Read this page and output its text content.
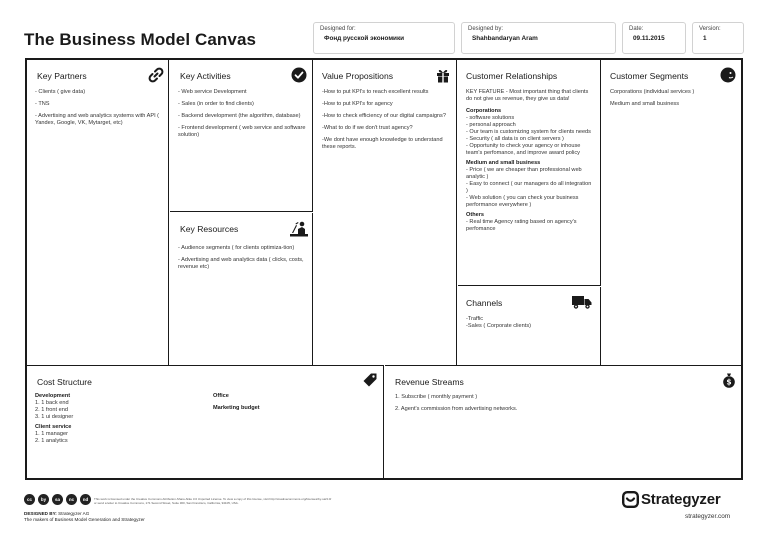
The Business Model Canvas
Designed for:
Фонд русской экономики
Designed by:
Shahbandaryan Aram
Date:
09.11.2015
Version:
1
Key Partners

- Clients ( give data)

- TNS

- Advertising and web analytics systems with API ( Yandex, Google, VK, Mytarget, etc)

Key Activities

- Web service Development

- Sales (in order to find clients)

- Backend development (the algorithm, database)

- Frontend development ( web service and software solution)

Key Resources

- Audience segments ( for clients optimiza-tion)

- Advertising and web analytics data ( clicks, costs, revenue etc)

Value Propositions

-How to put KPI's to reach excellent results

-How to put KPI's for agency

-How to check efficiency of our digital campaigns?

-What to do if we don't trust agency?

-We dont have enough knowledge to understand these reports.

Customer Relationships

KEY FEATURE - Most important thing that clients do not give us revenue, they give us data!

Corporations
- software solutions
- personal approach
- Our team is customizing system for clients needs
- Security ( all data is on client servers )
- Opportunity to check your agency or inhouse team's perfomance, and improve award policy
Medium and small business
- Price ( we are cheaper than professional web analytic )
- Easy to connect ( our managers do all integration )
- Web solution ( you can check your business performance everywhere )
Others
- Real time Agency rating based on agency's perfomance
Channels
-Traffic
-Sales ( Corporate clients)
Customer Segments

Corporations (individual services )

Medium and small business

Cost Structure
Development
1. 1 back end
2. 1 front end
3. 1 ui designer
Client service
1. 1 manager
2. 1 analytics

Office

Marketing budget

Revenue Streams	$

1. Subscribe ( monthly payment )

2. Agent's commission from advertising networks.

cc	by	sa	nc	nd	This work is licensed under the Creative Commons Attribution-Share Alike 3.0 Unported License. To view a copy of this license, visit http://creativecommons.org/licenses/by-sa/3.0/ or send a letter to Creative Commons, 171 Second Street, Suite 300, San Francisco, California, 94105, USA.
DESIGNED BY: Strategyzer AG
The makers of Business Model Generation and Strategyzer
Strategyzer
strategyzer.com
